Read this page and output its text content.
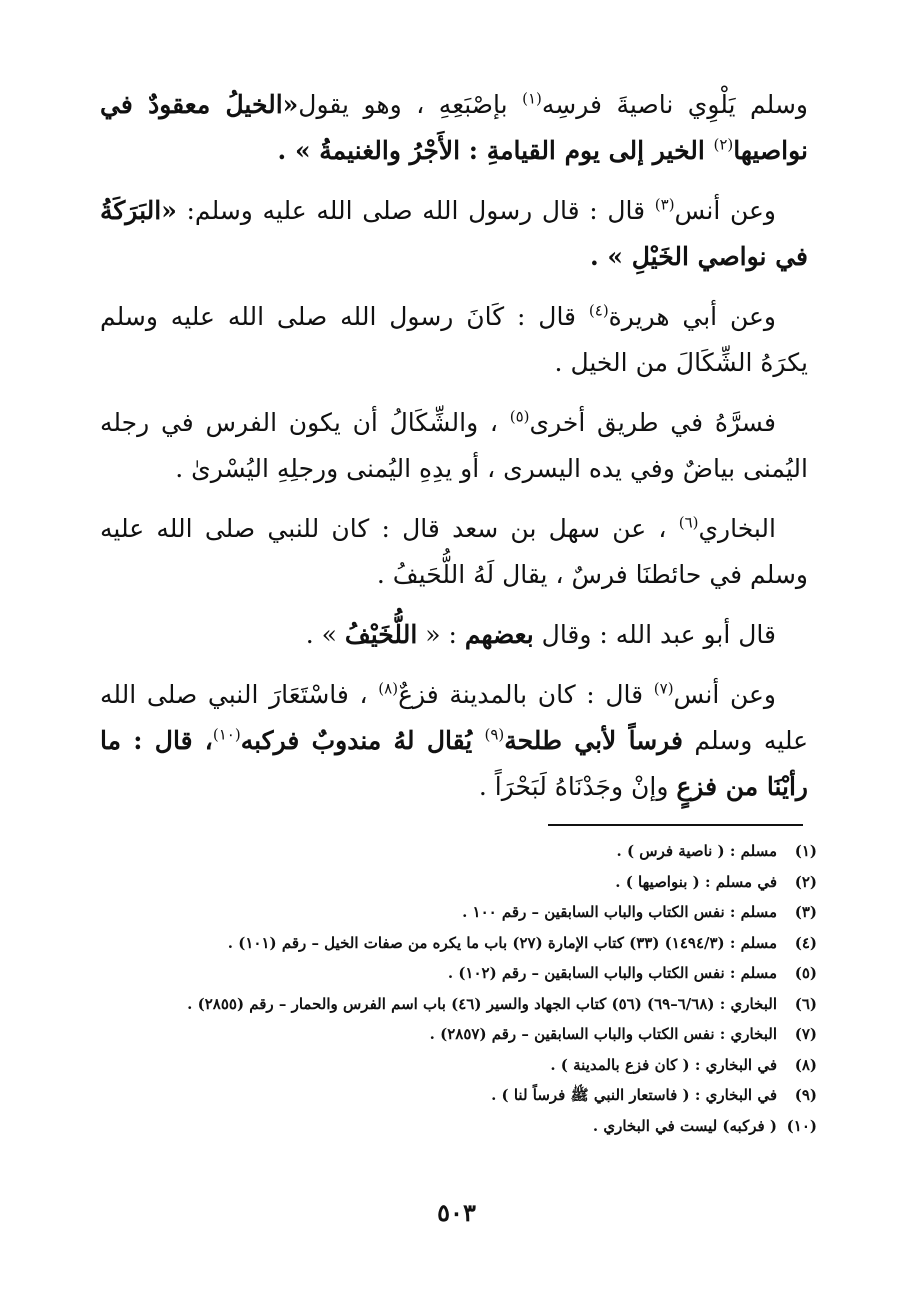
وسلم يَلْوِي ناصيةَ فرسِه$^{(١)}$ بإصْبَعِهِ ، وهو يقول«الخيلُ معقودٌ في نواصيها$^{(٢)}$ الخير إلى يوم القيامةِ : الأَجْرُ والغنيمةُ » .

وعن أنس$^{(٣)}$ قال : قال رسول الله صلى الله عليه وسلم: «البَرَكَةُ في نواصي الخَيْلِ » .

وعن أبي هريرة$^{(٤)}$ قال : كَانَ رسول الله صلى الله عليه وسلم يكرَهُ الشِّكَالَ من الخيل .

فسرَّهُ في طريق أخرى$^{(٥)}$ ، والشِّكَالُ أن يكون الفرس في رجله اليُمنى بياضٌ وفي يده اليسرى ، أو يدِهِ اليُمنى ورجلِهِ اليُسْرىٰ .

البخاري$^{(٦)}$ ، عن سهل بن سعد قال : كان للنبي صلى الله عليه وسلم في حائطنَا فرسٌ ، يقال لَهُ اللُّحَيفُ .

قال أبو عبد الله : وقال بعضهم : « اللُّخَيْفُ » .

وعن أنس$^{(٧)}$ قال : كان بالمدينة فزعٌ$^{(٨)}$ ، فاسْتَعَارَ النبي صلى الله عليه وسلم فرساً لأبي طلحة$^{(٩)}$ يُقال لهُ مندوبٌ فركبه$^{(١٠)}$، قال : ما رأيْنَا من فزعٍ وإنْ وجَدْنَاهُ لَبَحْرَاً .

(١)
مسلم : ( ناصية فرس ) .
(٢)
في مسلم : ( بنواصيها ) .
(٣)
مسلم : نفس الكتاب والباب السابقين – رقم ١٠٠ .
(٤)
مسلم : (١٤٩٤/٣) (٣٣) كتاب الإمارة (٢٧) باب ما يكره من صفات الخيل – رقم (١٠١) .
(٥)
مسلم : نفس الكتاب والباب السابقين – رقم (١٠٢) .
(٦)
البخاري : (٦/٦٨–٦٩) (٥٦) كتاب الجهاد والسير (٤٦) باب اسم الفرس والحمار – رقم (٢٨٥٥) .
(٧)
البخاري : نفس الكتاب والباب السابقين – رقم (٢٨٥٧) .
(٨)
في البخاري : ( كان فزع بالمدينة ) .
(٩)
في البخاري : ( فاستعار النبي ﷺ فرساً لنا ) .
(١٠)
( فركبه) ليست في البخاري .
٥٠٣
